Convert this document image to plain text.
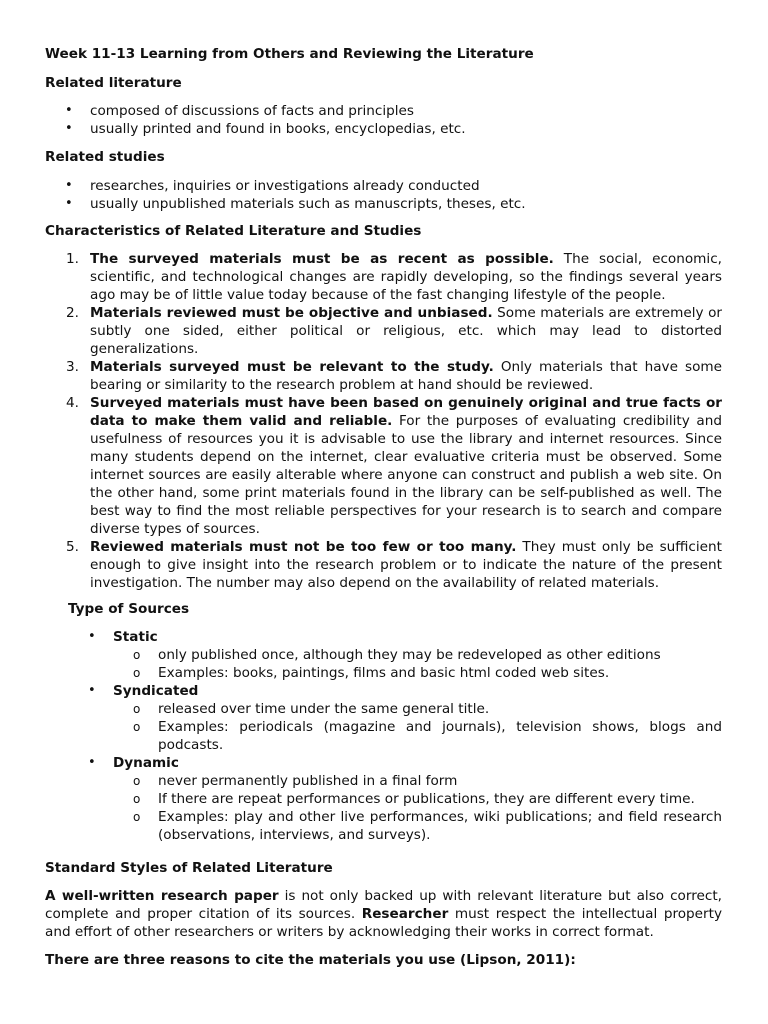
Week 11-13 Learning from Others and Reviewing the Literature

Related literature

• composed of discussions of facts and principles
• usually printed and found in books, encyclopedias, etc.

Related studies

• researches, inquiries or investigations already conducted
• usually unpublished materials such as manuscripts, theses, etc.

Characteristics of Related Literature and Studies

1. The surveyed materials must be as recent as possible. The social, economic, scientific, and technological changes are rapidly developing, so the findings several years ago may be of little value today because of the fast changing lifestyle of the people.
2. Materials reviewed must be objective and unbiased. Some materials are extremely or subtly one sided, either political or religious, etc. which may lead to distorted generalizations.
3. Materials surveyed must be relevant to the study. Only materials that have some bearing or similarity to the research problem at hand should be reviewed.
4. Surveyed materials must have been based on genuinely original and true facts or data to make them valid and reliable. For the purposes of evaluating credibility and usefulness of resources you it is advisable to use the library and internet resources. Since many students depend on the internet, clear evaluative criteria must be observed. Some internet sources are easily alterable where anyone can construct and publish a web site. On the other hand, some print materials found in the library can be self-published as well. The best way to find the most reliable perspectives for your research is to search and compare diverse types of sources.
5. Reviewed materials must not be too few or too many. They must only be sufficient enough to give insight into the research problem or to indicate the nature of the present investigation. The number may also depend on the availability of related materials.

Type of Sources

• Static
o only published once, although they may be redeveloped as other editions
o Examples: books, paintings, films and basic html coded web sites.
• Syndicated
o released over time under the same general title.
o Examples: periodicals (magazine and journals), television shows, blogs and podcasts.
• Dynamic
o never permanently published in a final form
o If there are repeat performances or publications, they are different every time.
o Examples: play and other live performances, wiki publications; and field research (observations, interviews, and surveys).

Standard Styles of Related Literature

A well-written research paper is not only backed up with relevant literature but also correct, complete and proper citation of its sources. Researcher must respect the intellectual property and effort of other researchers or writers by acknowledging their works in correct format.

There are three reasons to cite the materials you use (Lipson, 2011):
